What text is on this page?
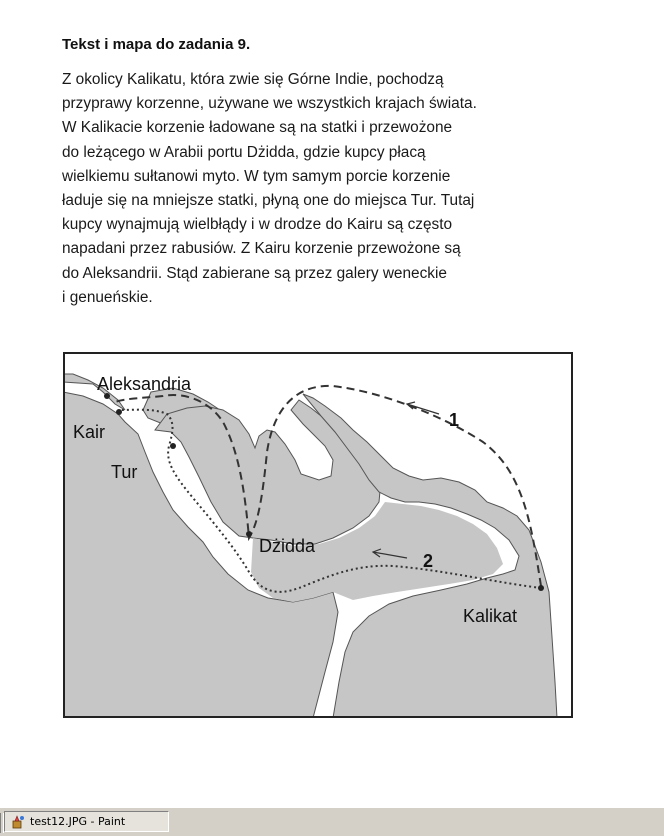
Tekst i mapa do zadania 9.
Z okolicy Kalikatu, która zwie się Górne Indie, pochodzą
przyprawy korzenne, używane we wszystkich krajach świata.
W Kalikacie korzenie ładowane są na statki i przewożone
do leżącego w Arabii portu Dżidda, gdzie kupcy płacą
wielkiemu sułtanowi myto. W tym samym porcie korzenie
ładuje się na mniejsze statki, płyną one do miejsca Tur. Tutaj
kupcy wynajmują wielbłądy i w drodze do Kairu są często
napadani przez rabusiów. Z Kairu korzenie przewożone są
do Aleksandrii. Stąd zabierane są przez galery weneckie
i genueńskie.
Aleksandria
Kair
Tur
Dżidda
Kalikat
1
2
test12.JPG - Paint
